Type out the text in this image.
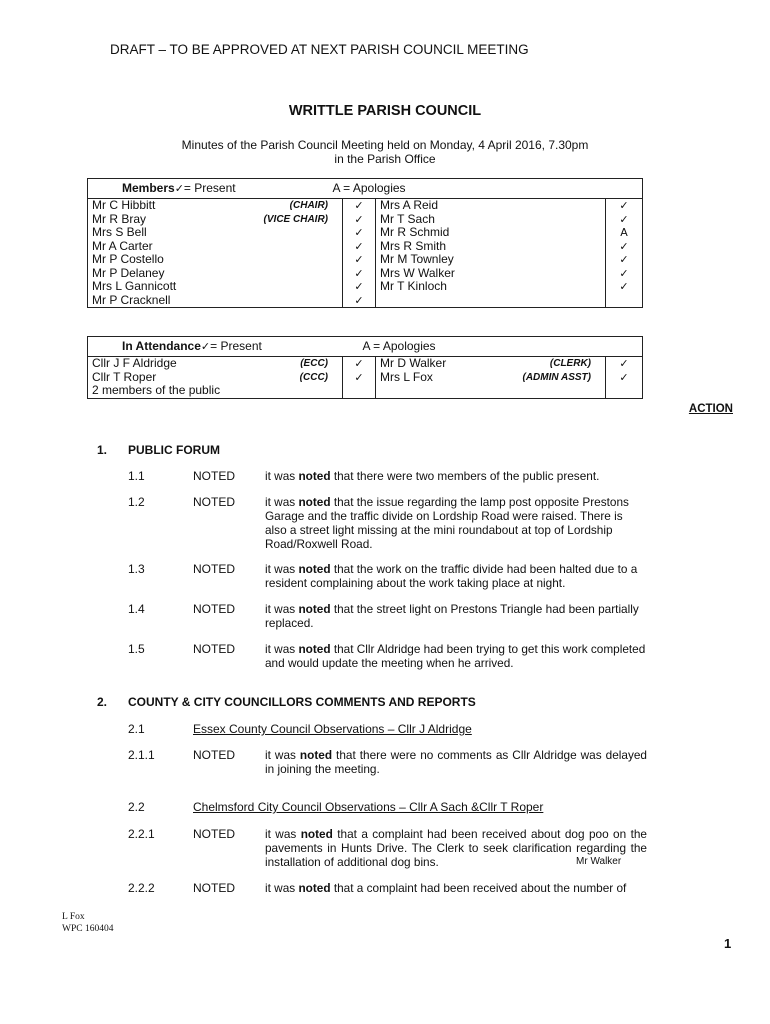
DRAFT – TO BE APPROVED AT NEXT PARISH COUNCIL MEETING
WRITTLE PARISH COUNCIL
Minutes of the Parish Council Meeting held on Monday, 4 April 2016, 7.30pm
in the Parish Office
Members✓= Present A = Apologies			

Mr C Hibbitt (CHAIR)	✓	Mrs A Reid	✓
Mr R Bray (VICE CHAIR)	✓	Mr T Sach	✓
Mrs S Bell	✓	Mr R Schmid	A
Mr A Carter	✓	Mrs R Smith	✓
Mr P Costello	✓	Mr M Townley	✓
Mr P Delaney	✓	Mrs W Walker	✓
Mrs L Gannicott	✓	Mr T Kinloch	✓
Mr P Cracknell	✓		
In Attendance✓= Present A = Apologies			

Cllr J F Aldridge (ECC)	✓	Mr D Walker (CLERK)	✓
Cllr T Roper (CCC)	✓	Mrs L Fox (ADMIN ASST)	✓
2 members of the public

ACTION
1. PUBLIC FORUM
1.1	NOTED	it was noted that there were two members of the public present.
1.2	NOTED	it was noted that the issue regarding the lamp post opposite Prestons Garage and the traffic divide on Lordship Road were raised. There is also a street light missing at the mini roundabout at top of Lordship Road/Roxwell Road.
1.3	NOTED	it was noted that the work on the traffic divide had been halted due to a resident complaining about the work taking place at night.
1.4	NOTED	it was noted that the street light on Prestons Triangle had been partially replaced.
1.5	NOTED	it was noted that Cllr Aldridge had been trying to get this work completed and would update the meeting when he arrived.
2. COUNTY & CITY COUNCILLORS COMMENTS AND REPORTS
2.1	Essex County Council Observations – Cllr J Aldridge
2.1.1	NOTED	it was noted that there were no comments as Cllr Aldridge was delayed in joining the meeting.
2.2	Chelmsford City Council Observations – Cllr A Sach &Cllr T Roper
2.2.1	NOTED	it was noted that a complaint had been received about dog poo on the pavements in Hunts Drive. The Clerk to seek clarification regarding the installation of additional dog bins.	Mr Walker
2.2.2	NOTED	it was noted that a complaint had been received about the number of
L Fox
WPC 160404
1
